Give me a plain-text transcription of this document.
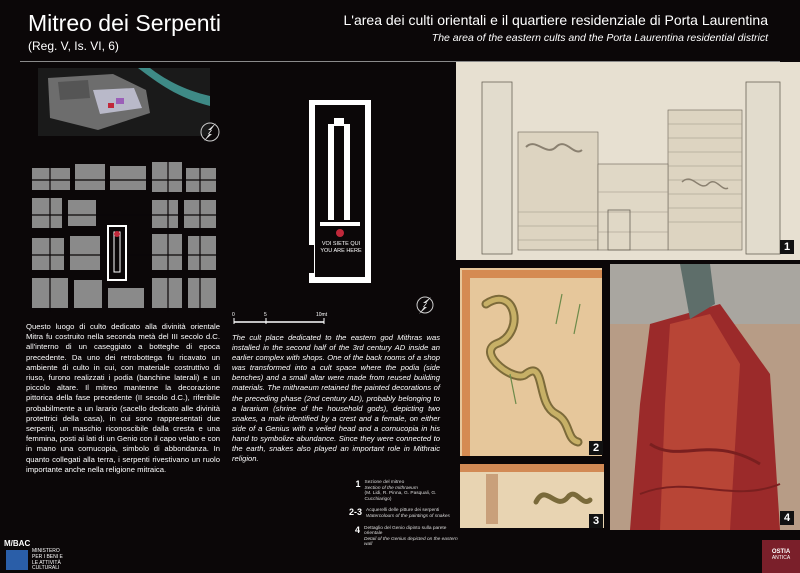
Mitreo dei Serpenti
(Reg. V, Is. VI, 6)
L'area dei culti orientali e il quartiere residenziale di Porta Laurentina
The area of the eastern cults and the Porta Laurentina residential district
VOI SIETE QUI
YOU ARE HERE
0	5	10mt
Questo luogo di culto dedicato alla divinità orientale Mitra fu costruito nella seconda metà del III secolo d.C. all'interno di un caseggiato a botteghe di epoca precedente. Da uno dei retrobottega fu ricavato un ambiente di culto in cui, con materiale costruttivo di riuso, furono realizzati i podia (banchine laterali) e un piccolo altare. Il mitreo mantenne la decorazione pittorica della fase precedente (II secolo d.C.), riferibile probabilmente a un larario (sacello dedicato alle divinità protettrici della casa), in cui sono rappresentati due serpenti, un maschio riconoscibile dalla cresta e una femmina, posti ai lati di un Genio con il capo velato e con in mano una cornucopia, simbolo di abbondanza. In quanto collegati alla terra, i serpenti rivestivano un ruolo importante anche nella religione mitraica.
The cult place dedicated to the eastern god Mithras was installed in the second half of the 3rd century AD inside an earlier complex with shops. One of the back rooms of a shop was transformed into a cult space where the podia (side benches) and a small altar were made from reused building materials. The mithraeum retained the painted decorations of the preceding phase (2nd century AD), probably belonging to a lararium (shrine of the household gods), depicting two snakes, a male identified by a crest and a female, on either side of a Genius with a veiled head and a cornucopia in his hand to symbolize abundance. Since they were connected to the earth, snakes also played an important role in Mithraic religion.
1 Sezione del mitreo
Section of the mithraeum
(M. Lidi, R. Pinna, G. Pasquali, G. Cucchiarigo)
2-3 Acquerelli delle pitture dei serpenti
Watercolours of the paintings of snakes
4 Dettaglio del Genio dipinto sulla parete orientale
Detail of the Genius depicted on the eastern wall
1
2
3	4
M/BAC
MINISTERO
PER I BENI E
LE ATTIVITÀ
CULTURALI
OSTIA
ANTICA
